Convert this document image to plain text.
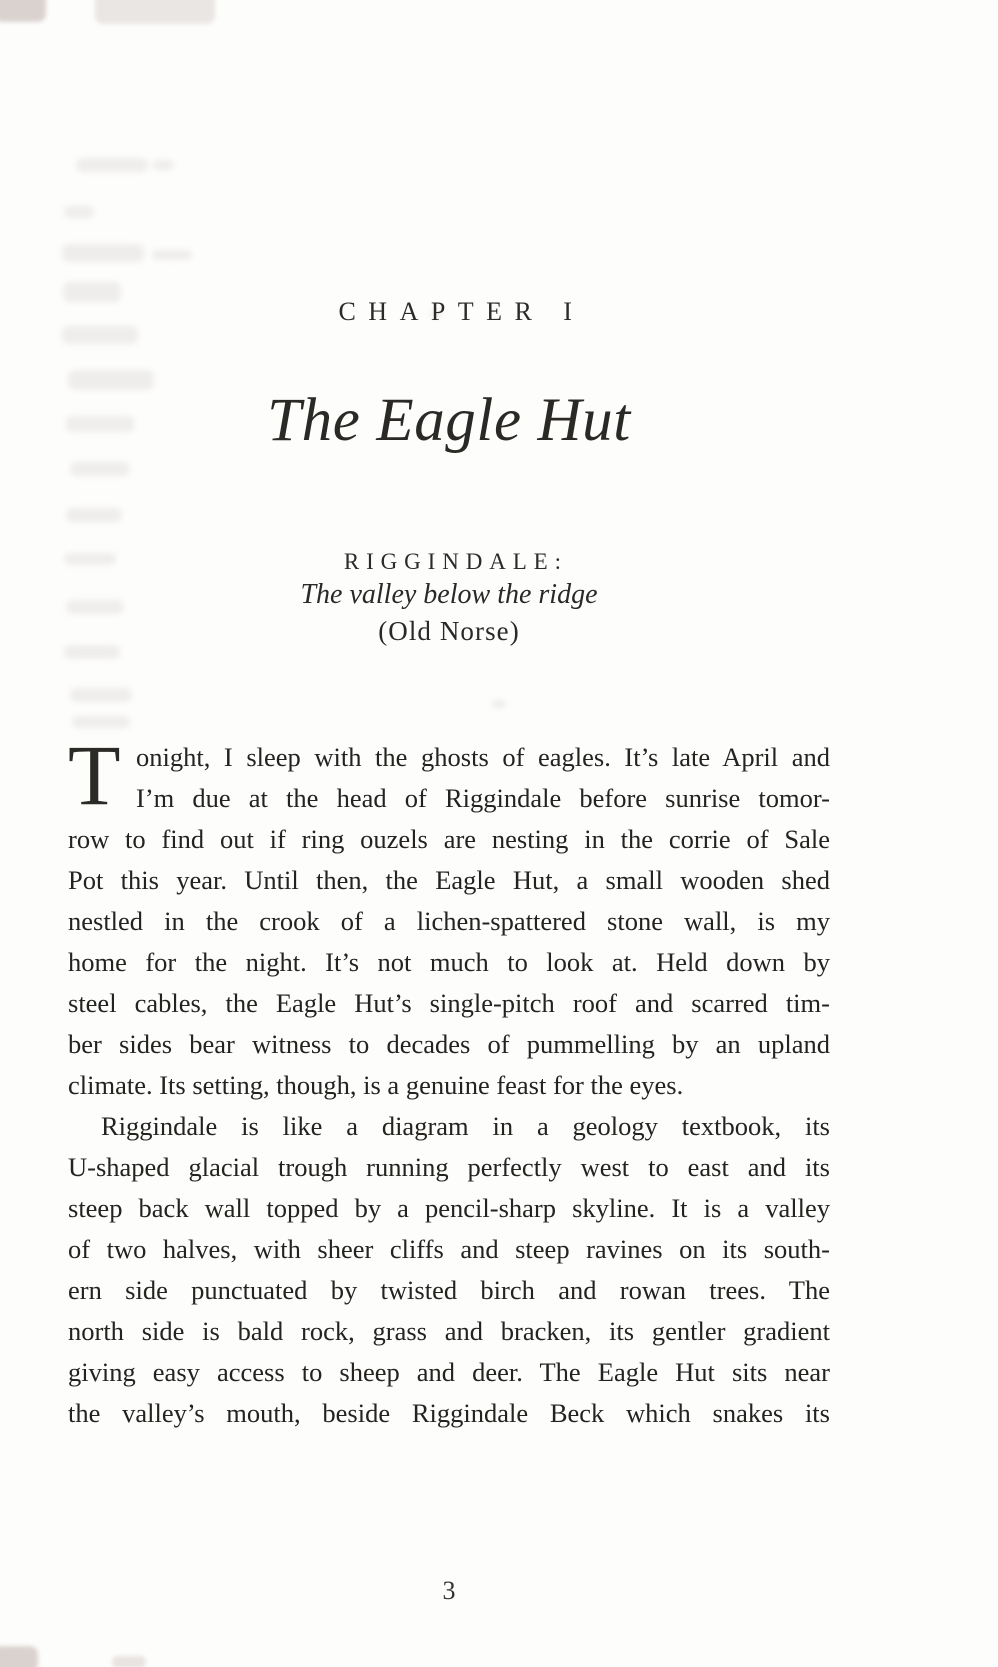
CHAPTER I
The Eagle Hut
RIGGINDALE:
The valley below the ridge
(Old Norse)
T onight, I sleep with the ghosts of eagles. It’s late April and
I’m due at the head of Riggindale before sunrise tomor-
row to find out if ring ouzels are nesting in the corrie of Sale
Pot this year. Until then, the Eagle Hut, a small wooden shed
nestled in the crook of a lichen-spattered stone wall, is my
home for the night. It’s not much to look at. Held down by
steel cables, the Eagle Hut’s single-pitch roof and scarred tim-
ber sides bear witness to decades of pummelling by an upland
climate. Its setting, though, is a genuine feast for the eyes.
Riggindale is like a diagram in a geology textbook, its
U-shaped glacial trough running perfectly west to east and its
steep back wall topped by a pencil-sharp skyline. It is a valley
of two halves, with sheer cliffs and steep ravines on its south-
ern side punctuated by twisted birch and rowan trees. The
north side is bald rock, grass and bracken, its gentler gradient
giving easy access to sheep and deer. The Eagle Hut sits near
the valley’s mouth, beside Riggindale Beck which snakes its
3
